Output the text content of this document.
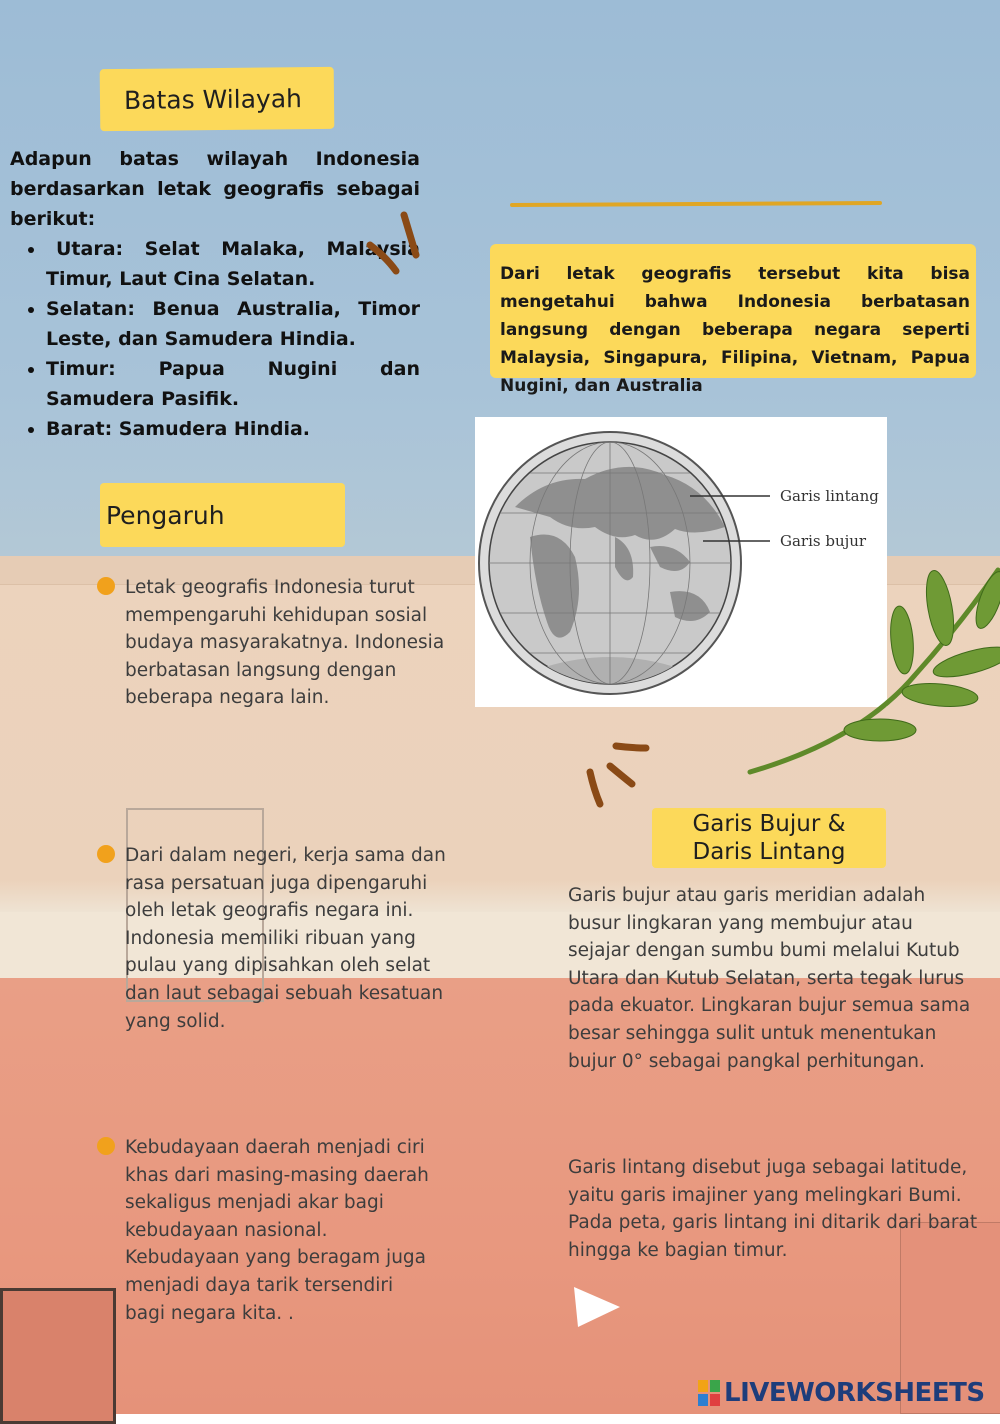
Batas Wilayah
Adapun batas wilayah Indonesia berdasarkan letak geografis sebagai berikut:
• Utara: Selat Malaka, Malaysia Timur, Laut Cina Selatan.
• Selatan: Benua Australia, Timor Leste, dan Samudera Hindia.
• Timur: Papua Nugini dan Samudera Pasifik.
• Barat: Samudera Hindia.
Dari letak geografis tersebut kita bisa mengetahui bahwa Indonesia berbatasan langsung dengan beberapa negara seperti Malaysia, Singapura, Filipina, Vietnam, Papua Nugini, dan Australia
Garis lintang
Garis bujur
Pengaruh
Letak geografis Indonesia turut mempengaruhi kehidupan sosial budaya masyarakatnya. Indonesia berbatasan langsung dengan beberapa negara lain.
Dari dalam negeri, kerja sama dan rasa persatuan juga dipengaruhi oleh letak geografis negara ini. Indonesia memiliki ribuan yang pulau yang dipisahkan oleh selat dan laut sebagai sebuah kesatuan yang solid.
Kebudayaan daerah menjadi ciri khas dari masing-masing daerah sekaligus menjadi akar bagi kebudayaan nasional. Kebudayaan yang beragam juga menjadi daya tarik tersendiri bagi negara kita. .
Garis Bujur &
Daris Lintang
Garis bujur atau garis meridian adalah busur lingkaran yang membujur atau sejajar dengan sumbu bumi melalui Kutub Utara dan Kutub Selatan, serta tegak lurus pada ekuator. Lingkaran bujur semua sama besar sehingga sulit untuk menentukan bujur 0° sebagai pangkal perhitungan.
Garis lintang disebut juga sebagai latitude, yaitu garis imajiner yang melingkari Bumi. Pada peta, garis lintang ini ditarik dari barat hingga ke bagian timur.
LIVEWORKSHEETS
